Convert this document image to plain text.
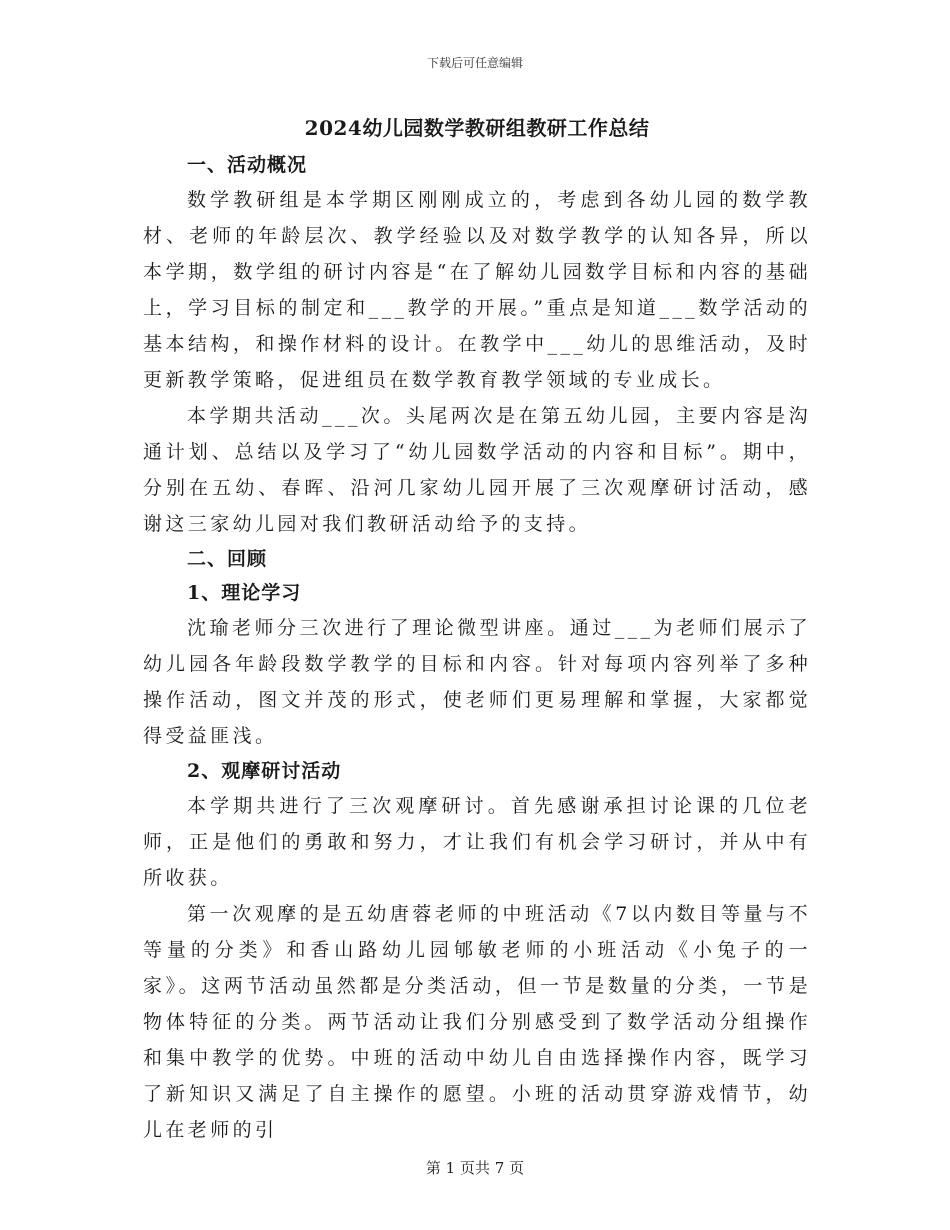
下载后可任意编辑
2024幼儿园数学教研组教研工作总结
一、活动概况
数学教研组是本学期区刚刚成立的，考虑到各幼儿园的数学教材、老师的年龄层次、教学经验以及对数学教学的认知各异，所以本学期，数学组的研讨内容是“在了解幼儿园数学目标和内容的基础上，学习目标的制定和___教学的开展。”重点是知道___数学活动的基本结构，和操作材料的设计。在教学中___幼儿的思维活动，及时更新教学策略，促进组员在数学教育教学领域的专业成长。
本学期共活动___次。头尾两次是在第五幼儿园，主要内容是沟通计划、总结以及学习了“幼儿园数学活动的内容和目标”。期中，分别在五幼、春晖、沿河几家幼儿园开展了三次观摩研讨活动，感谢这三家幼儿园对我们教研活动给予的支持。
二、回顾
1、理论学习
沈瑜老师分三次进行了理论微型讲座。通过___为老师们展示了幼儿园各年龄段数学教学的目标和内容。针对每项内容列举了多种操作活动，图文并茂的形式，使老师们更易理解和掌握，大家都觉得受益匪浅。
2、观摩研讨活动
本学期共进行了三次观摩研讨。首先感谢承担讨论课的几位老师，正是他们的勇敢和努力，才让我们有机会学习研讨，并从中有所收获。
第一次观摩的是五幼唐蓉老师的中班活动《7以内数目等量与不等量的分类》和香山路幼儿园郇敏老师的小班活动《小兔子的一家》。这两节活动虽然都是分类活动，但一节是数量的分类，一节是物体特征的分类。两节活动让我们分别感受到了数学活动分组操作和集中教学的优势。中班的活动中幼儿自由选择操作内容，既学习了新知识又满足了自主操作的愿望。小班的活动贯穿游戏情节，幼儿在老师的引
第 1 页共 7 页
